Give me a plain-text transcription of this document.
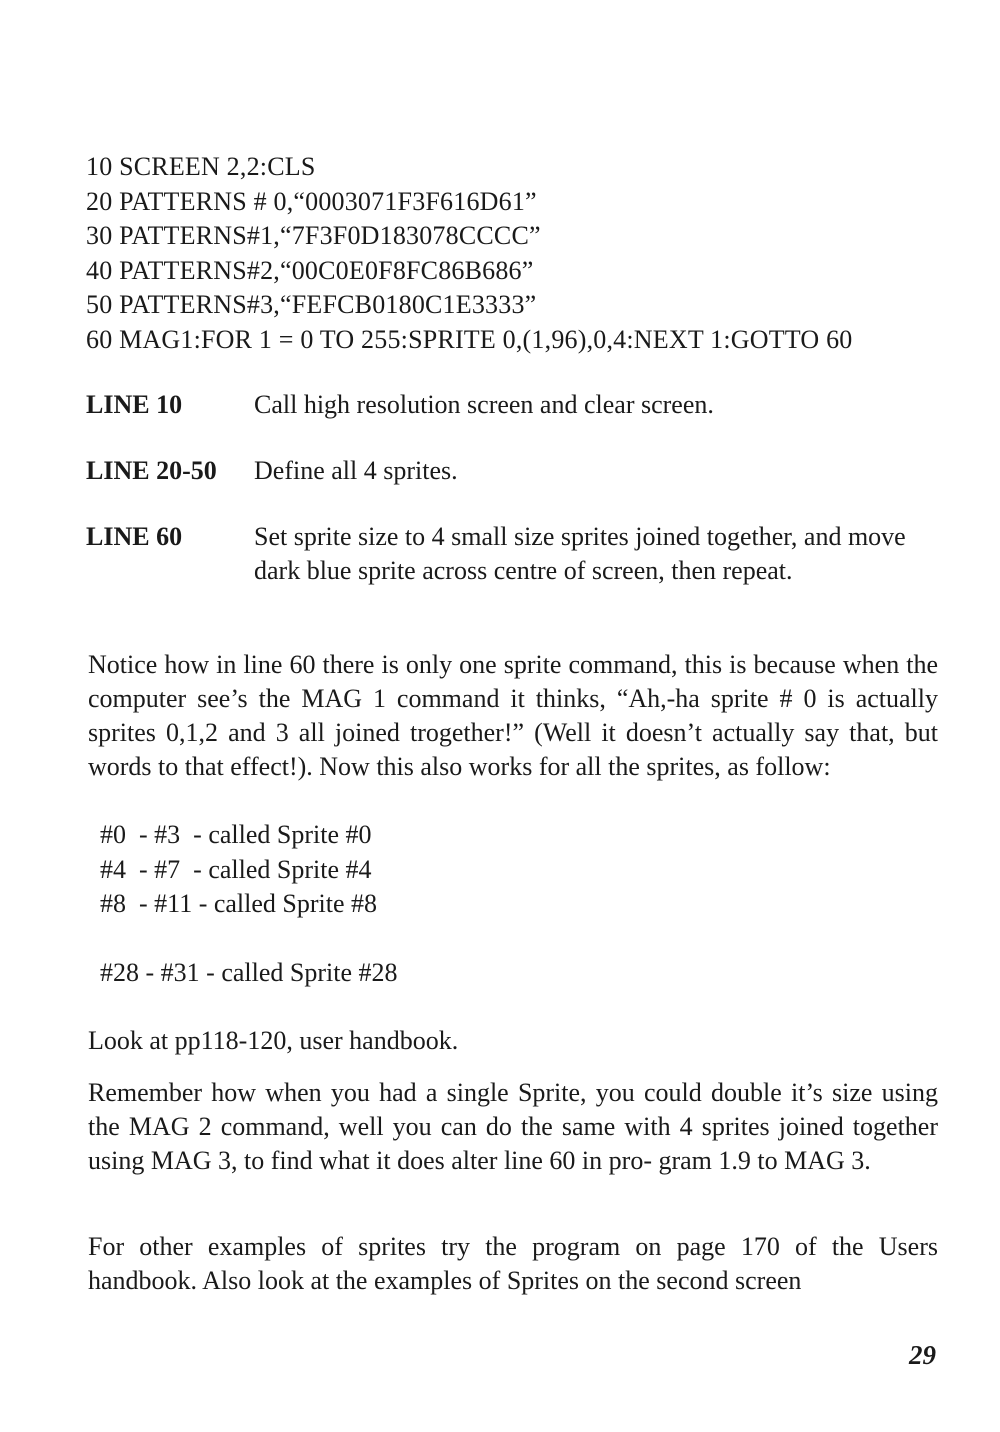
10 SCREEN 2,2:CLS
20 PATTERNS # 0,“0003071F3F616D61”
30 PATTERNS#1,“7F3F0D183078CCCC”
40 PATTERNS#2,“00C0E0F8FC86B686”
50 PATTERNS#3,“FEFCB0180C1E3333”
60 MAG1:FOR 1 = 0 TO 255:SPRITE 0,(1,96),0,4:NEXT 1:GOTTO 60
LINE 10	Call high resolution screen and clear screen.
LINE 20-50	Define all 4 sprites.
LINE 60	Set sprite size to 4 small size sprites joined together, and move dark blue sprite across centre of screen, then repeat.

Notice how in line 60 there is only one sprite command, this is because when the computer see’s the MAG 1 command it thinks, “Ah,-ha sprite # 0 is actually sprites 0,1,2 and 3 all joined trogether!” (Well it doesn’t actually say that, but words to that effect!). Now this also works for all the sprites, as follow:

#0  - #3  - called Sprite #0
#4  - #7  - called Sprite #4
#8  - #11 - called Sprite #8
#28 - #31 - called Sprite #28

Look at pp118-120, user handbook.

Remember how when you had a single Sprite, you could double it’s size using the MAG 2 command, well you can do the same with 4 sprites joined together using MAG 3, to find what it does alter line 60 in pro- gram 1.9 to MAG 3.

For other examples of sprites try the program on page 170 of the Users handbook. Also look at the examples of Sprites on the second screen

29
